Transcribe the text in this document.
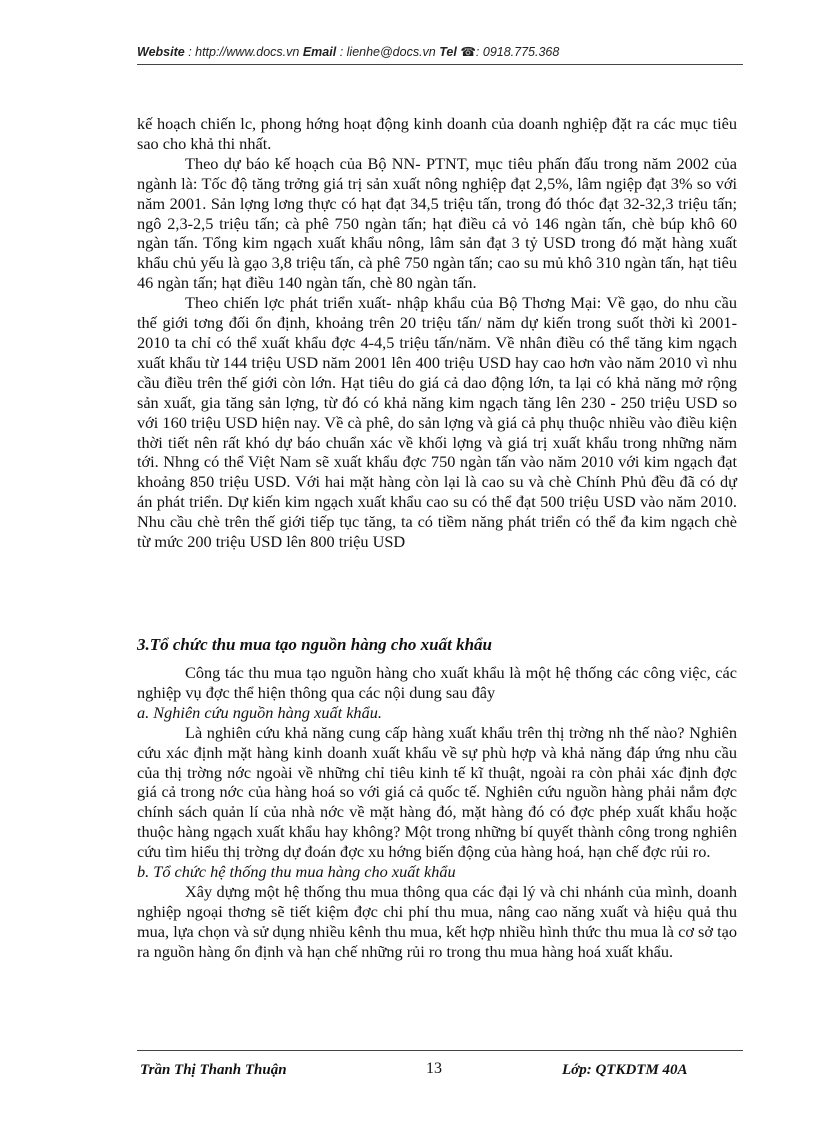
Website : http://www.docs.vn Email : lienhe@docs.vn Tel ☎: 0918.775.368

kế hoạch chiến lc, phong hớng hoạt động kinh doanh của doanh nghiệp đặt ra các mục tiêu sao cho khả thi nhất.

Theo dự báo kế hoạch của Bộ NN- PTNT, mục tiêu phấn đấu trong năm 2002 của ngành là: Tốc độ tăng trởng giá trị sản xuất nông nghiệp đạt 2,5%, lâm ngiệp đạt 3% so với năm 2001. Sản lợng lơng thực có hạt đạt 34,5 triệu tấn, trong đó thóc đạt 32-32,3 triệu tấn; ngô 2,3-2,5 triệu tấn; cà phê 750 ngàn tấn; hạt điều cả vỏ 146 ngàn tấn, chè búp khô 60 ngàn tấn. Tổng kim ngạch xuất khẩu nông, lâm sản đạt 3 tỷ USD trong đó mặt hàng xuất khẩu chủ yếu là gạo 3,8 triệu tấn, cà phê 750 ngàn tấn; cao su mủ khô 310 ngàn tấn, hạt tiêu 46 ngàn tấn; hạt điều 140 ngàn tấn, chè 80 ngàn tấn.

Theo chiến lợc phát triển xuất- nhập khẩu của Bộ Thơng Mại: Về gạo, do nhu cầu thế giới tơng đối ổn định, khoảng trên 20 triệu tấn/ năm dự kiến trong suốt thời kì 2001- 2010 ta chỉ có thể xuất khẩu đợc 4-4,5 triệu tấn/năm. Về nhân điều có thể tăng kim ngạch xuất khẩu từ 144 triệu USD năm 2001 lên 400 triệu USD hay cao hơn vào năm 2010 vì nhu cầu điều trên thế giới còn lớn. Hạt tiêu do giá cả dao động lớn, ta lại có khả năng mở rộng sản xuất, gia tăng sản lợng, từ đó có khả năng kim ngạch tăng lên 230 - 250 triệu USD so với 160 triệu USD hiện nay. Về cà phê, do sản lợng và giá cả phụ thuộc nhiều vào điều kiện thời tiết nên rất khó dự báo chuẩn xác về khối lợng và giá trị xuất khẩu trong những năm tới. Nhng có thể Việt Nam sẽ xuất khẩu đợc 750 ngàn tấn vào năm 2010 với kim ngạch đạt khoảng 850 triệu USD. Với hai mặt hàng còn lại là cao su và chè Chính Phủ đều đã có dự án phát triển. Dự kiến kim ngạch xuất khẩu cao su có thể đạt 500 triệu USD vào năm 2010. Nhu cầu chè trên thế giới tiếp tục tăng, ta có tiềm năng phát triển có thể đa kim ngạch chè từ mức 200 triệu USD lên 800 triệu USD

3.Tổ chức thu mua tạo nguồn hàng cho xuất khẩu

Công tác thu mua tạo nguồn hàng cho xuất khẩu là một hệ thống các công việc, các nghiệp vụ đợc thể hiện thông qua các nội dung sau đây

a. Nghiên cứu nguồn hàng xuất khẩu.

Là nghiên cứu khả năng cung cấp hàng xuất khẩu trên thị trờng nh thế nào? Nghiên cứu xác định mặt hàng kinh doanh xuất khẩu về sự phù hợp và khả năng đáp ứng nhu cầu của thị trờng nớc ngoài về những chỉ tiêu kinh tế kĩ thuật, ngoài ra còn phải xác định đợc giá cả trong nớc của hàng hoá so với giá cả quốc tế. Nghiên cứu nguồn hàng phải nắm đợc chính sách quản lí của nhà nớc về mặt hàng đó, mặt hàng đó có đợc phép xuất khẩu hoặc thuộc hàng ngạch xuất khẩu hay không? Một trong những bí quyết thành công trong nghiên cứu tìm hiểu thị trờng dự đoán đợc xu hớng biến động của hàng hoá, hạn chế đợc rủi ro.

b. Tổ chức hệ thống thu mua hàng cho xuất khẩu

Xây dựng một hệ thống thu mua thông qua các đại lý và chi nhánh của mình, doanh nghiệp ngoại thơng sẽ tiết kiệm đợc chi phí thu mua, nâng cao năng xuất và hiệu quả thu mua, lựa chọn và sử dụng nhiều kênh thu mua, kết hợp nhiều hình thức thu mua là cơ sở tạo ra nguồn hàng ổn định và hạn chế những rủi ro trong thu mua hàng hoá xuất khẩu.

Trần Thị Thanh Thuận	13	Lớp: QTKDTM 40A
